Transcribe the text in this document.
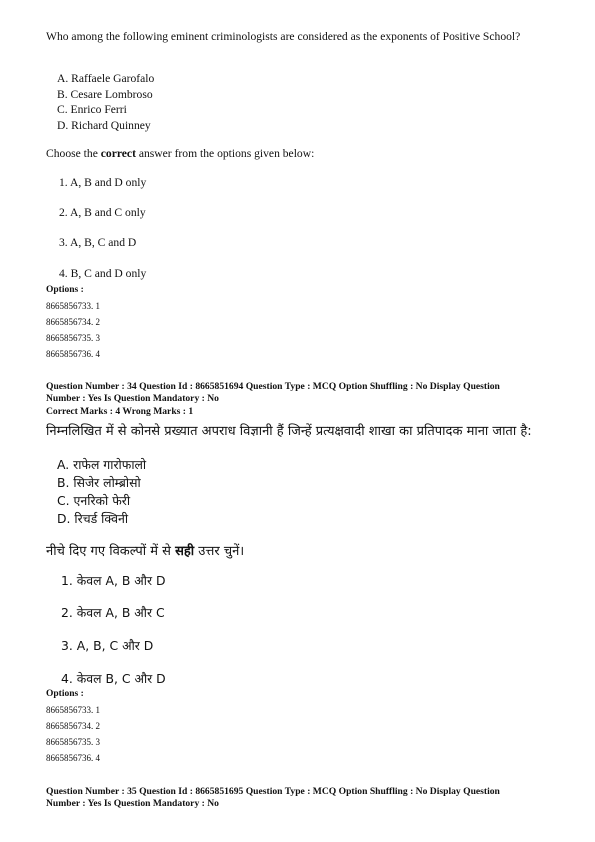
Who among the following eminent criminologists are considered as the exponents of Positive School?
A. Raffaele Garofalo
B. Cesare Lombroso
C. Enrico Ferri
D. Richard Quinney
Choose the correct answer from the options given below:
1. A, B and D only
2. A, B and C only
3. A, B, C and D
4. B, C and D only
Options :
8665856733. 1
8665856734. 2
8665856735. 3
8665856736. 4
Question Number : 34 Question Id : 8665851694 Question Type : MCQ Option Shuffling : No Display Question
Number : Yes Is Question Mandatory : No
Correct Marks : 4 Wrong Marks : 1
निम्नलिखित में से कोनसे प्रख्यात अपराध विज्ञानी हैं जिन्हें प्रत्यक्षवादी शाखा का प्रतिपादक माना जाता है:
A. राफेल गारोफालो
B. सिजेर लोम्ब्रोसो
C. एनरिको फेरी
D. रिचर्ड क्विनी
नीचे दिए गए विकल्पों में से सही उत्तर चुनें।
1. केवल A, B और D
2. केवल A, B और C
3. A, B, C और D
4. केवल B, C और D
Options :
8665856733. 1
8665856734. 2
8665856735. 3
8665856736. 4
Question Number : 35 Question Id : 8665851695 Question Type : MCQ Option Shuffling : No Display Question
Number : Yes Is Question Mandatory : No
